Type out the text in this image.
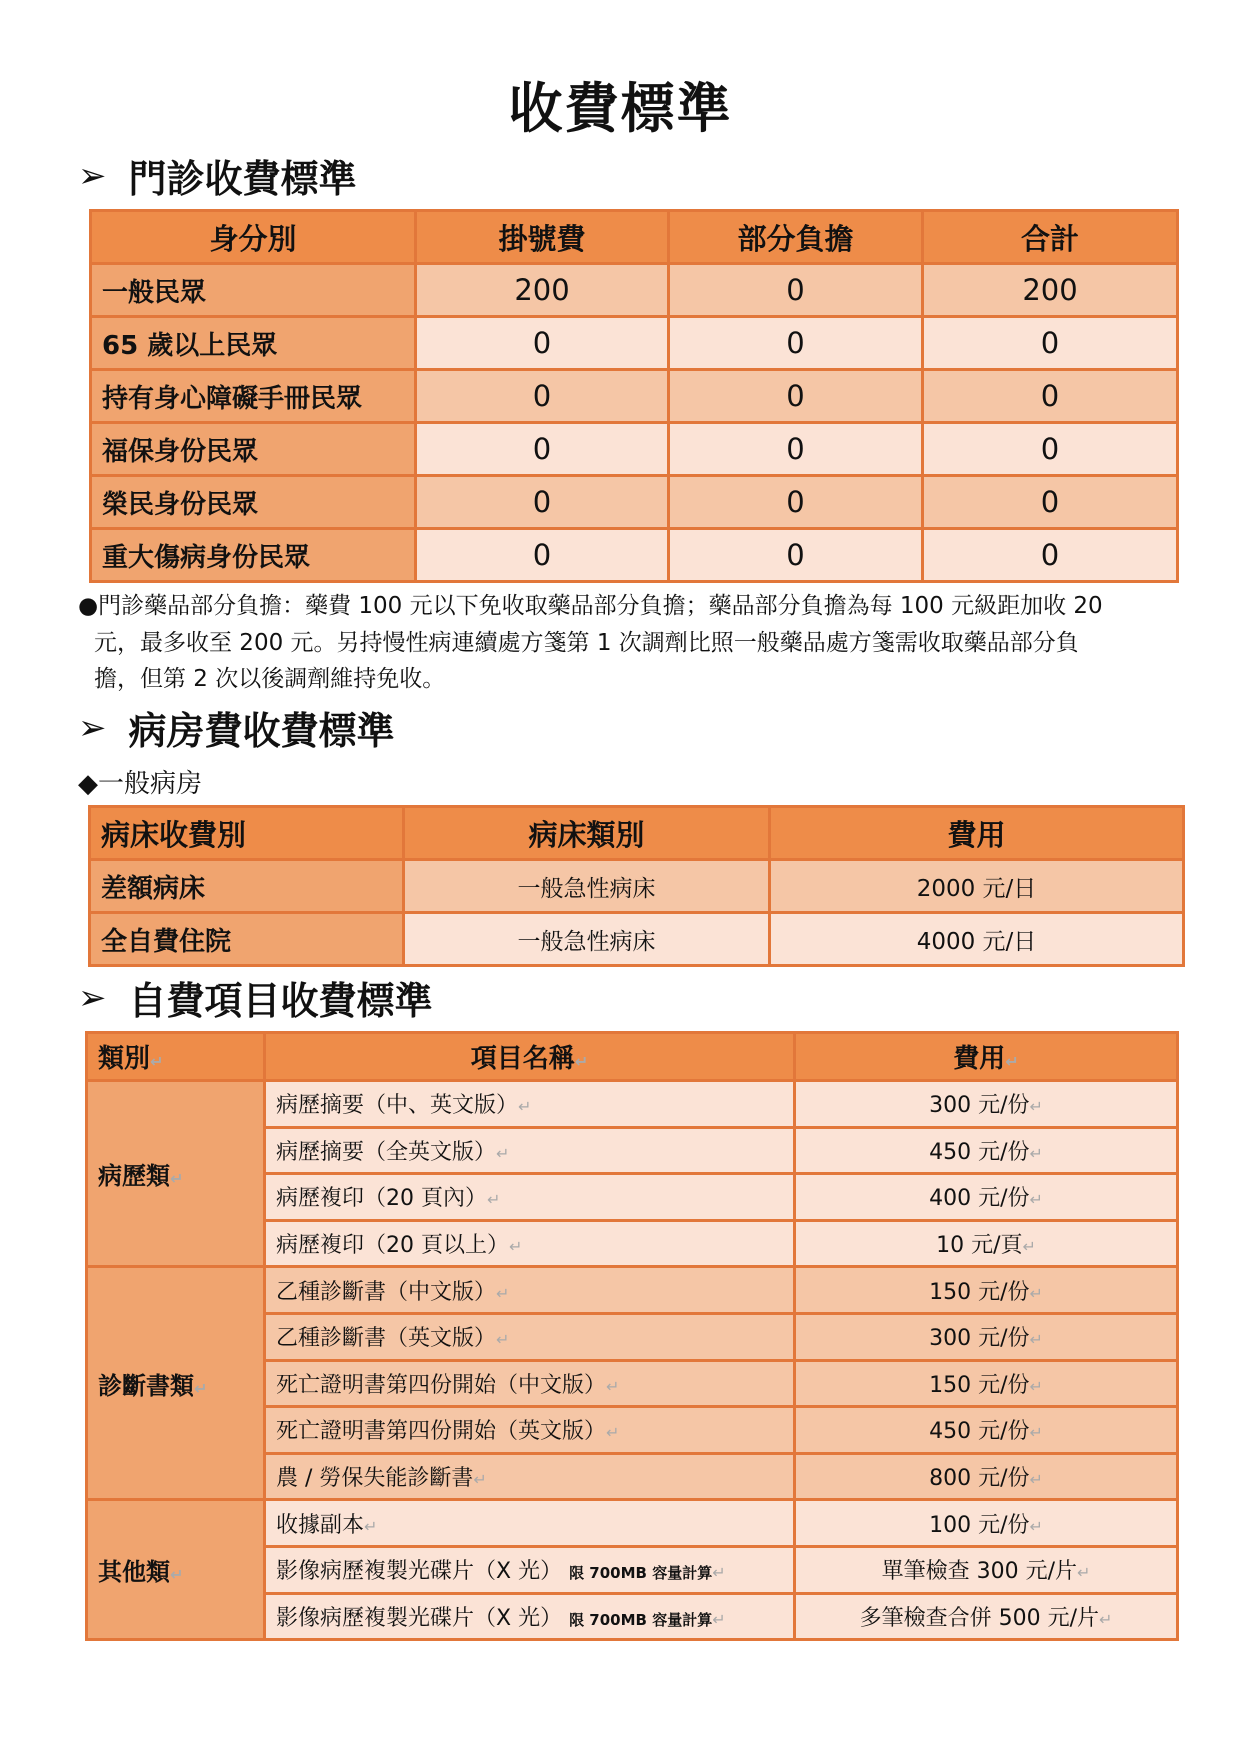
收費標準
➢ 門診收費標準
身分別	掛號費	部分負擔	合計
一般民眾	200	0	200
65 歲以上民眾	0	0	0
持有身心障礙手冊民眾	0	0	0
福保身份民眾	0	0	0
榮民身份民眾	0	0	0
重大傷病身份民眾	0	0	0
●門診藥品部分負擔：藥費 100 元以下免收取藥品部分負擔；藥品部分負擔為每 100 元級距加收 20
元，最多收至 200 元。另持慢性病連續處方箋第 1 次調劑比照一般藥品處方箋需收取藥品部分負
擔，但第 2 次以後調劑維持免收。
➢ 病房費收費標準
◆一般病房
病床收費別	病床類別	費用
差額病床	一般急性病床	2000 元/日
全自費住院	一般急性病床	4000 元/日
➢ 自費項目收費標準
類別↵	項目名稱↵	費用↵
病歷類↵	病歷摘要（中、英文版）↵	300 元/份↵
	病歷摘要（全英文版）↵	450 元/份↵
	病歷複印（20 頁內）↵	400 元/份↵
	病歷複印（20 頁以上）↵	10 元/頁↵
診斷書類↵	乙種診斷書（中文版）↵	150 元/份↵
	乙種診斷書（英文版）↵	300 元/份↵
	死亡證明書第四份開始（中文版）↵	150 元/份↵
	死亡證明書第四份開始（英文版）↵	450 元/份↵
	農 / 勞保失能診斷書↵	800 元/份↵
其他類↵	收據副本↵	100 元/份↵
	影像病歷複製光碟片（X 光） 限 700MB 容量計算↵	單筆檢查 300 元/片↵
	影像病歷複製光碟片（X 光） 限 700MB 容量計算↵	多筆檢查合併 500 元/片↵
